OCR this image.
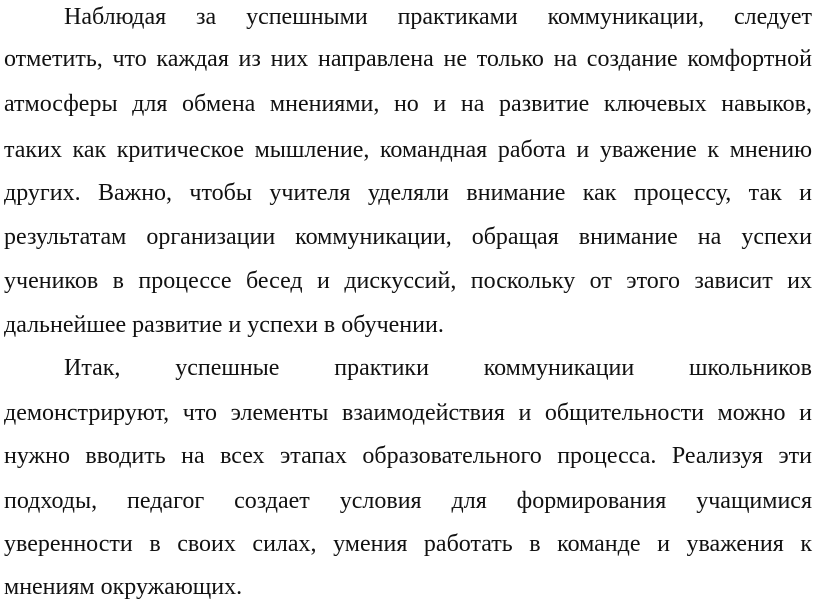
Наблюдая за успешными практиками коммуникации, следует
отметить, что каждая из них направлена не только на создание комфортной
атмосферы для обмена мнениями, но и на развитие ключевых навыков,
таких как критическое мышление, командная работа и уважение к мнению
других. Важно, чтобы учителя уделяли внимание как процессу, так и
результатам организации коммуникации, обращая внимание на успехи
учеников в процессе бесед и дискуссий, поскольку от этого зависит их
дальнейшее развитие и успехи в обучении.
Итак, успешные практики коммуникации школьников
демонстрируют, что элементы взаимодействия и общительности можно и
нужно вводить на всех этапах образовательного процесса. Реализуя эти
подходы, педагог создает условия для формирования учащимися
уверенности в своих силах, умения работать в команде и уважения к
мнениям окружающих.
